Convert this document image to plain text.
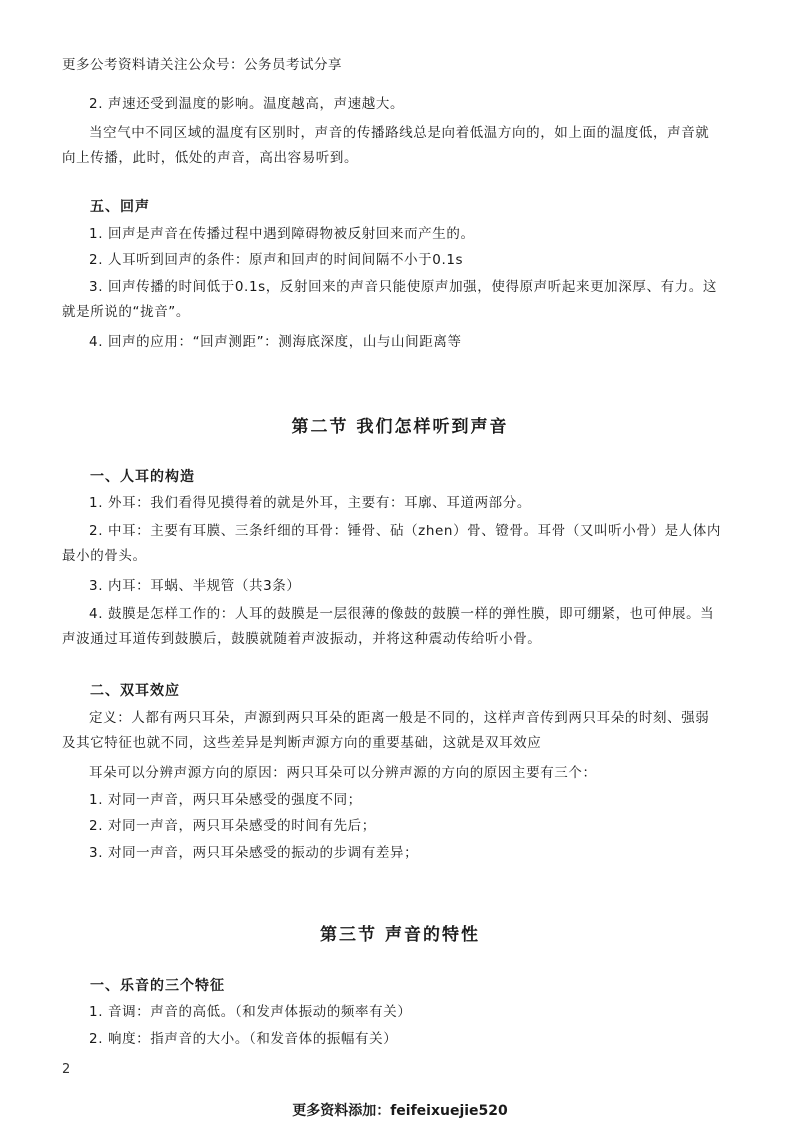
更多公考资料请关注公众号：公务员考试分享

2. 声速还受到温度的影响。温度越高，声速越大。

当空气中不同区域的温度有区别时，声音的传播路线总是向着低温方向的，如上面的温度低，声音就向上传播，此时，低处的声音，高出容易听到。

五、回声

1. 回声是声音在传播过程中遇到障碍物被反射回来而产生的。

2. 人耳听到回声的条件：原声和回声的时间间隔不小于0.1s

3. 回声传播的时间低于0.1s，反射回来的声音只能使原声加强，使得原声听起来更加深厚、有力。这就是所说的“拢音”。

4. 回声的应用：“回声测距”：测海底深度，山与山间距离等

第二节 我们怎样听到声音
一、人耳的构造

1. 外耳：我们看得见摸得着的就是外耳，主要有：耳廓、耳道两部分。

2. 中耳：主要有耳膜、三条纤细的耳骨：锤骨、砧（zhen）骨、镫骨。耳骨（又叫听小骨）是人体内最小的骨头。

3. 内耳：耳蜗、半规管（共3条）

4. 鼓膜是怎样工作的：人耳的鼓膜是一层很薄的像鼓的鼓膜一样的弹性膜，即可绷紧，也可伸展。当声波通过耳道传到鼓膜后，鼓膜就随着声波振动，并将这种震动传给听小骨。

二、双耳效应

定义：人都有两只耳朵，声源到两只耳朵的距离一般是不同的，这样声音传到两只耳朵的时刻、强弱及其它特征也就不同，这些差异是判断声源方向的重要基础，这就是双耳效应

耳朵可以分辨声源方向的原因：两只耳朵可以分辨声源的方向的原因主要有三个：

1. 对同一声音，两只耳朵感受的强度不同；

2. 对同一声音，两只耳朵感受的时间有先后；

3. 对同一声音，两只耳朵感受的振动的步调有差异；

第三节 声音的特性
一、乐音的三个特征

1. 音调：声音的高低。（和发声体振动的频率有关）

2. 响度：指声音的大小。（和发音体的振幅有关）

2
更多资料添加：feifeixuejie520
